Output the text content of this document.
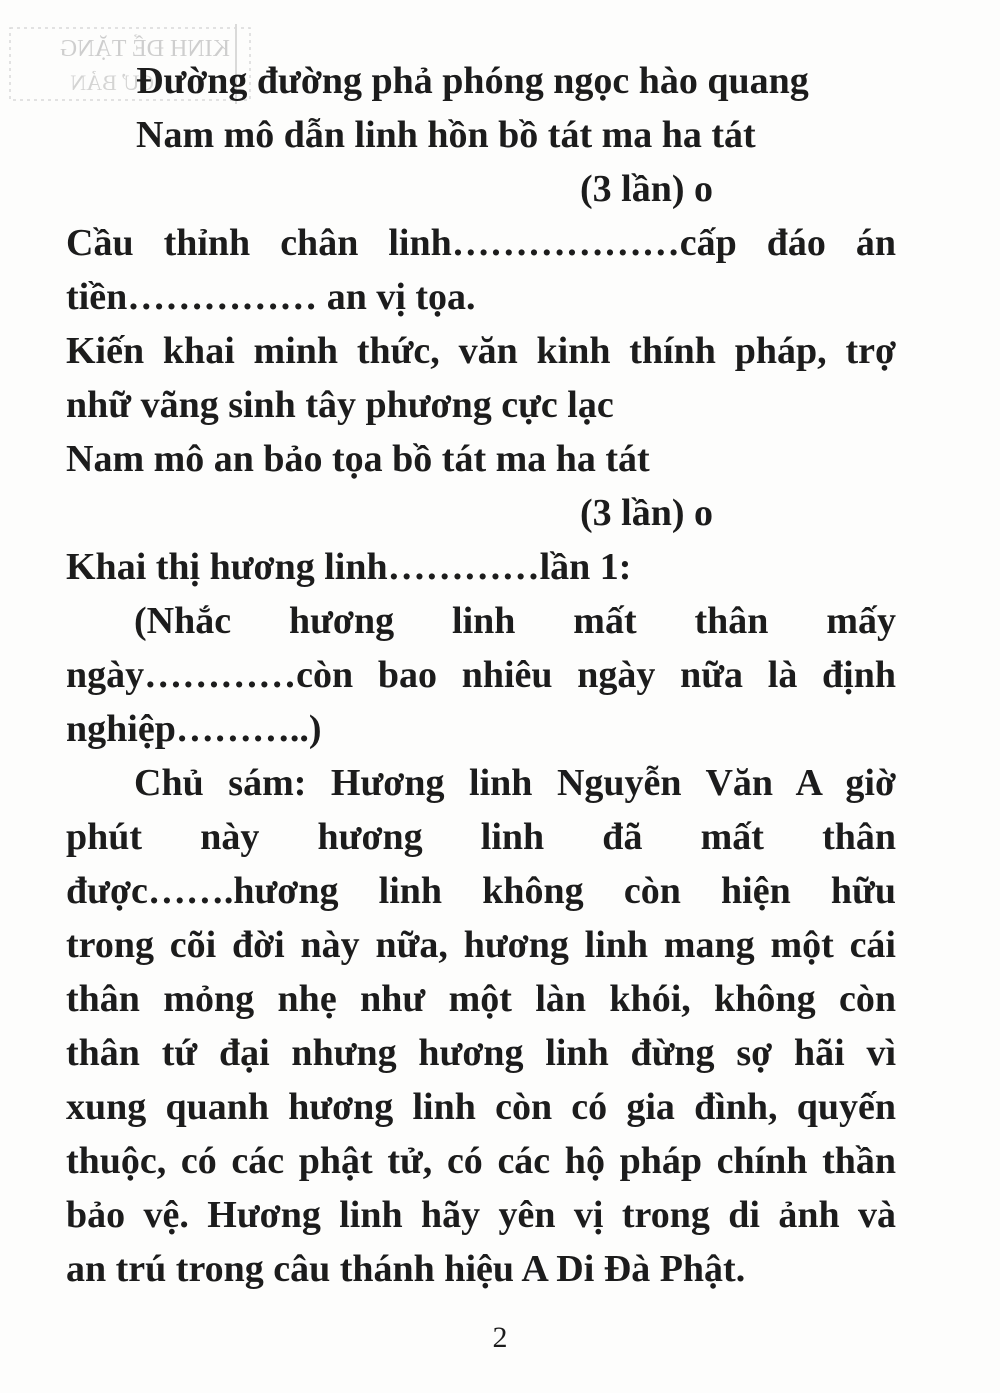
KINH ĐỂ TẶNG
CƯ BẢN
Đường đường phả phóng ngọc hào quang
Nam mô dẫn linh hồn bồ tát ma ha tát
(3 lần) o
Cầu thỉnh chân linh………………cấp đáo án
tiền…………… an vị tọa.
Kiến khai minh thức, văn kinh thính pháp, trợ
nhữ vãng sinh tây phương cực lạc
Nam mô an bảo tọa bồ tát ma ha tát
(3 lần) o
Khai thị hương linh…………lần 1:
(Nhắc hương linh mất thân mấy
ngày…………còn bao nhiêu ngày nữa là định
nghiệp………..)
Chủ sám: Hương linh Nguyễn Văn A giờ
phút này hương linh đã mất thân
được…….hương linh không còn hiện hữu
trong cõi đời này nữa, hương linh mang một cái
thân mỏng nhẹ như một làn khói, không còn
thân tứ đại nhưng hương linh đừng sợ hãi vì
xung quanh hương linh còn có gia đình, quyến
thuộc, có các phật tử, có các hộ pháp chính thần
bảo vệ. Hương linh hãy yên vị trong di ảnh và
an trú trong câu thánh hiệu A Di Đà Phật.
2
